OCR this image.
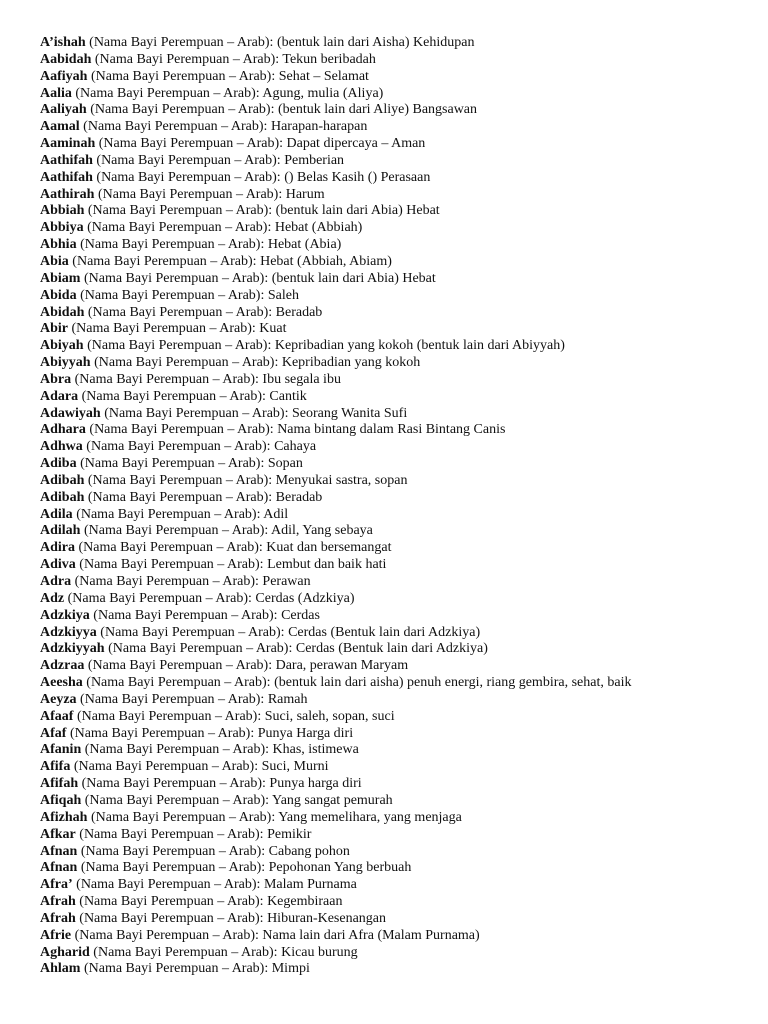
A’ishah (Nama Bayi Perempuan – Arab): (bentuk lain dari Aisha) Kehidupan
Aabidah (Nama Bayi Perempuan – Arab): Tekun beribadah
Aafiyah (Nama Bayi Perempuan – Arab): Sehat – Selamat
Aalia (Nama Bayi Perempuan – Arab): Agung, mulia (Aliya)
Aaliyah (Nama Bayi Perempuan – Arab): (bentuk lain dari Aliye) Bangsawan
Aamal (Nama Bayi Perempuan – Arab): Harapan-harapan
Aaminah (Nama Bayi Perempuan – Arab): Dapat dipercaya – Aman
Aathifah (Nama Bayi Perempuan – Arab): Pemberian
Aathifah (Nama Bayi Perempuan – Arab): () Belas Kasih () Perasaan
Aathirah (Nama Bayi Perempuan – Arab): Harum
Abbiah (Nama Bayi Perempuan – Arab): (bentuk lain dari Abia) Hebat
Abbiya (Nama Bayi Perempuan – Arab): Hebat (Abbiah)
Abhia (Nama Bayi Perempuan – Arab): Hebat (Abia)
Abia (Nama Bayi Perempuan – Arab): Hebat (Abbiah, Abiam)
Abiam (Nama Bayi Perempuan – Arab): (bentuk lain dari Abia) Hebat
Abida (Nama Bayi Perempuan – Arab): Saleh
Abidah (Nama Bayi Perempuan – Arab): Beradab
Abir (Nama Bayi Perempuan – Arab): Kuat
Abiyah (Nama Bayi Perempuan – Arab): Kepribadian yang kokoh (bentuk lain dari Abiyyah)
Abiyyah (Nama Bayi Perempuan – Arab): Kepribadian yang kokoh
Abra (Nama Bayi Perempuan – Arab): Ibu segala ibu
Adara (Nama Bayi Perempuan – Arab): Cantik
Adawiyah (Nama Bayi Perempuan – Arab): Seorang Wanita Sufi
Adhara (Nama Bayi Perempuan – Arab): Nama bintang dalam Rasi Bintang Canis
Adhwa (Nama Bayi Perempuan – Arab): Cahaya
Adiba (Nama Bayi Perempuan – Arab): Sopan
Adibah (Nama Bayi Perempuan – Arab): Menyukai sastra, sopan
Adibah (Nama Bayi Perempuan – Arab): Beradab
Adila (Nama Bayi Perempuan – Arab): Adil
Adilah (Nama Bayi Perempuan – Arab): Adil, Yang sebaya
Adira (Nama Bayi Perempuan – Arab): Kuat dan bersemangat
Adiva (Nama Bayi Perempuan – Arab): Lembut dan baik hati
Adra (Nama Bayi Perempuan – Arab): Perawan
Adz (Nama Bayi Perempuan – Arab): Cerdas (Adzkiya)
Adzkiya (Nama Bayi Perempuan – Arab): Cerdas
Adzkiyya (Nama Bayi Perempuan – Arab): Cerdas (Bentuk lain dari Adzkiya)
Adzkiyyah (Nama Bayi Perempuan – Arab): Cerdas (Bentuk lain dari Adzkiya)
Adzraa (Nama Bayi Perempuan – Arab): Dara, perawan Maryam
Aeesha (Nama Bayi Perempuan – Arab): (bentuk lain dari aisha) penuh energi, riang gembira, sehat, baik
Aeyza (Nama Bayi Perempuan – Arab): Ramah
Afaaf (Nama Bayi Perempuan – Arab): Suci, saleh, sopan, suci
Afaf (Nama Bayi Perempuan – Arab): Punya Harga diri
Afanin (Nama Bayi Perempuan – Arab): Khas, istimewa
Afifa (Nama Bayi Perempuan – Arab): Suci, Murni
Afifah (Nama Bayi Perempuan – Arab): Punya harga diri
Afiqah (Nama Bayi Perempuan – Arab): Yang sangat pemurah
Afizhah (Nama Bayi Perempuan – Arab): Yang memelihara, yang menjaga
Afkar (Nama Bayi Perempuan – Arab): Pemikir
Afnan (Nama Bayi Perempuan – Arab): Cabang pohon
Afnan (Nama Bayi Perempuan – Arab): Pepohonan Yang berbuah
Afra’ (Nama Bayi Perempuan – Arab): Malam Purnama
Afrah (Nama Bayi Perempuan – Arab): Kegembiraan
Afrah (Nama Bayi Perempuan – Arab): Hiburan-Kesenangan
Afrie (Nama Bayi Perempuan – Arab): Nama lain dari Afra (Malam Purnama)
Agharid (Nama Bayi Perempuan – Arab): Kicau burung
Ahlam (Nama Bayi Perempuan – Arab): Mimpi
